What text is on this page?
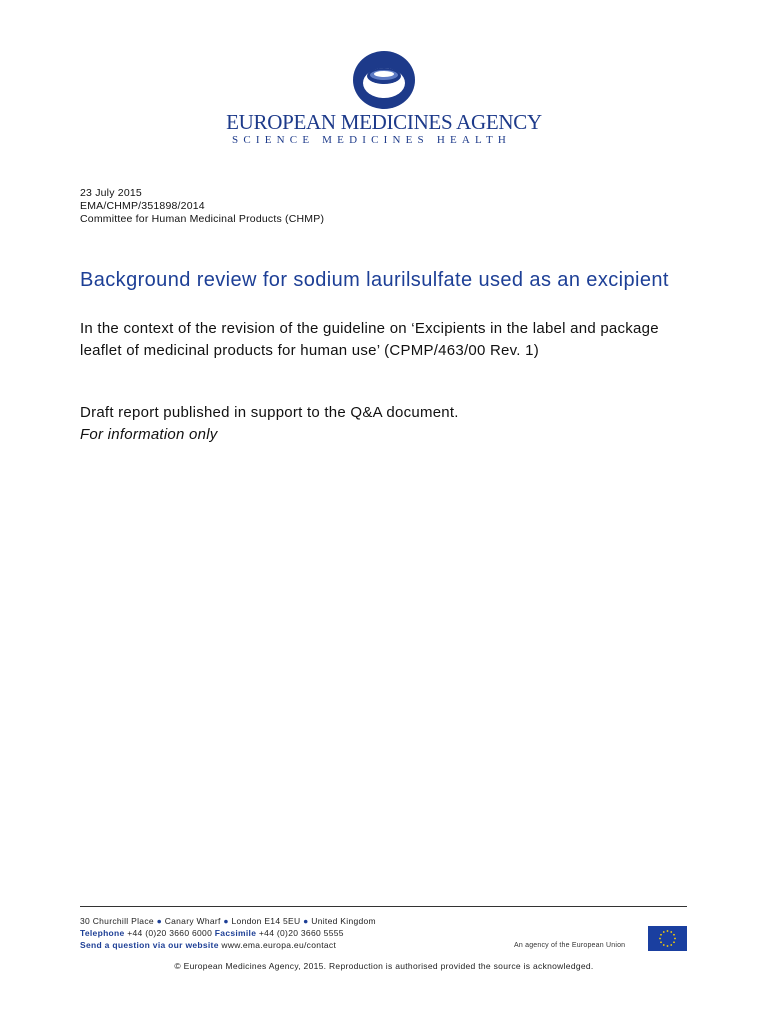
EUROPEAN MEDICINES AGENCY
SCIENCE MEDICINES HEALTH
23 July 2015
EMA/CHMP/351898/2014
Committee for Human Medicinal Products (CHMP)
Background review for sodium laurilsulfate used as an excipient
In the context of the revision of the guideline on ‘Excipients in the label and package leaflet of medicinal products for human use’ (CPMP/463/00 Rev. 1)
Draft report published in support to the Q&A document.
For information only
30 Churchill Place ● Canary Wharf ● London E14 5EU ● United Kingdom
Telephone +44 (0)20 3660 6000 Facsimile +44 (0)20 3660 5555
Send a question via our website www.ema.europa.eu/contact	An agency of the European Union
© European Medicines Agency, 2015. Reproduction is authorised provided the source is acknowledged.
